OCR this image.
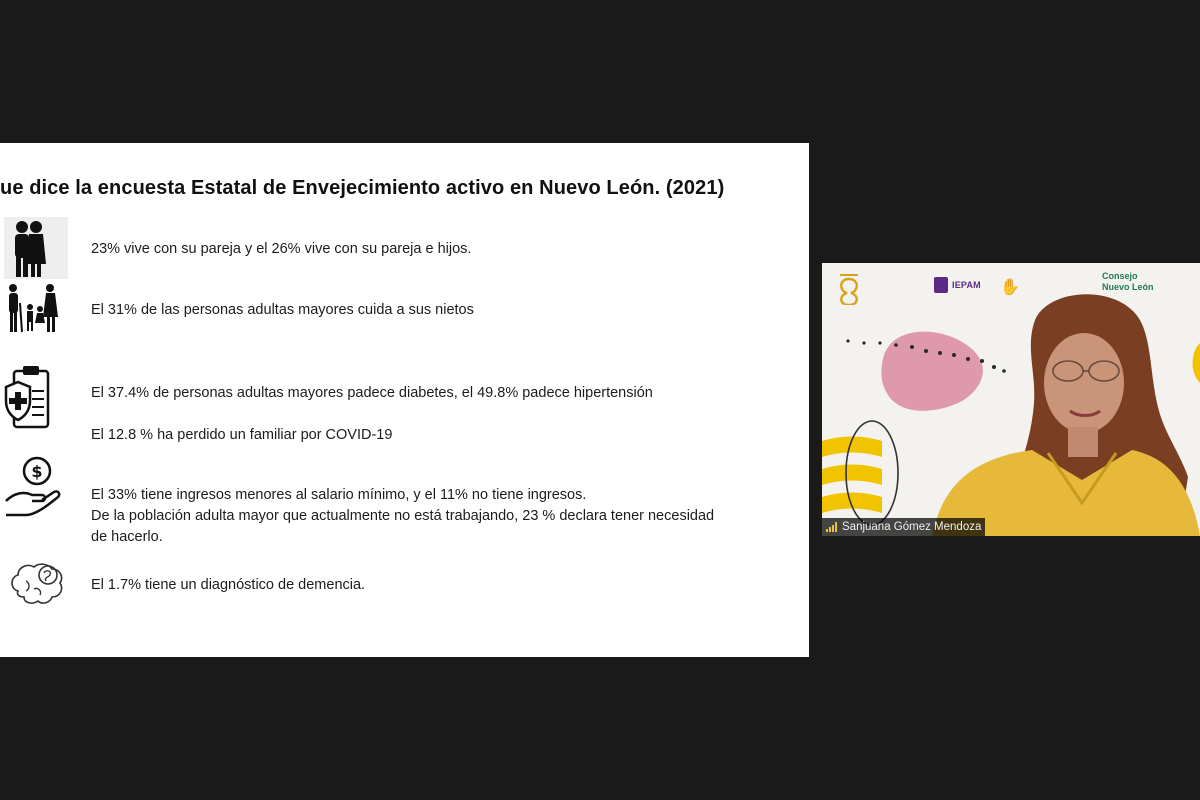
ue dice la encuesta Estatal de Envejecimiento activo en Nuevo León. (2021)
23% vive con su pareja y el 26% vive con su pareja e hijos.
El 31% de las personas adultas mayores cuida a sus nietos
El 37.4% de personas adultas mayores padece diabetes, el 49.8% padece hipertensión
El 12.8 % ha perdido un familiar por COVID-19
$
El 33% tiene ingresos menores al salario mínimo, y el 11% no tiene ingresos.
De la población adulta mayor que actualmente no está trabajando, 23 % declara tener necesidad
de hacerlo.
El 1.7% tiene un diagnóstico de demencia.
IEPAM ✋
Consejo
Nuevo León
Sanjuana Gómez Mendoza
